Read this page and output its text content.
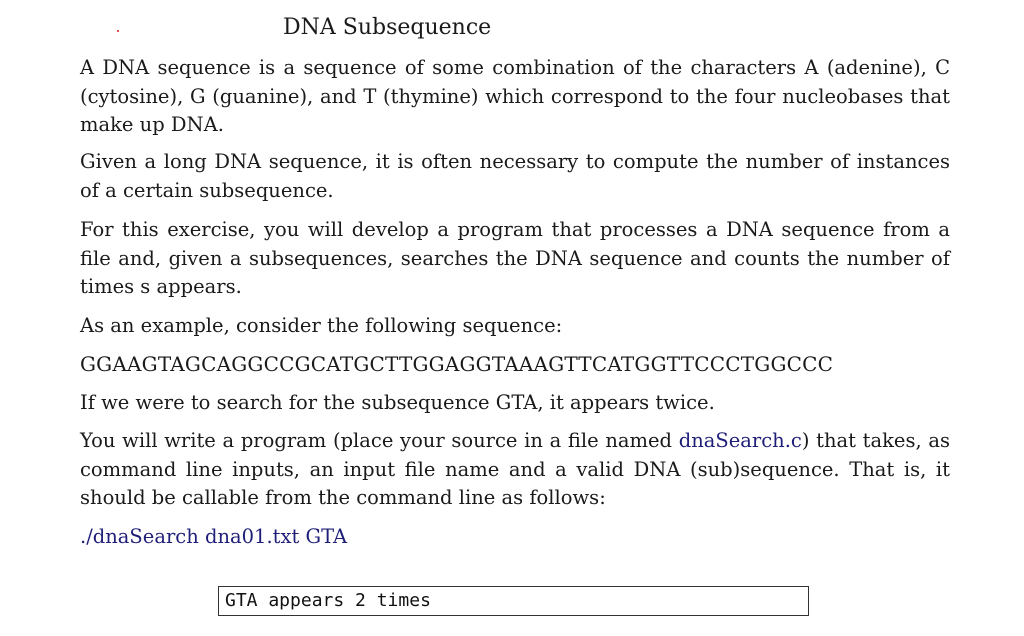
DNA Subsequence

A DNA sequence is a sequence of some combination of the characters A (adenine), C (cytosine), G (guanine), and T (thymine) which correspond to the four nucleobases that make up DNA.

Given a long DNA sequence, it is often necessary to compute the number of instances of a certain subsequence.

For this exercise, you will develop a program that processes a DNA sequence from a file and, given a subsequences, searches the DNA sequence and counts the number of times s appears.

As an example, consider the following sequence:

GGAAGTAGCAGGCCGCATGCTTGGAGGTAAAGTTCATGGTTCCCTGGCCC

If we were to search for the subsequence GTA, it appears twice.

You will write a program (place your source in a file named dnaSearch.c) that takes, as command line inputs, an input file name and a valid DNA (sub)sequence. That is, it should be callable from the command line as follows:

./dnaSearch dna01.txt GTA
GTA appears 2 times
